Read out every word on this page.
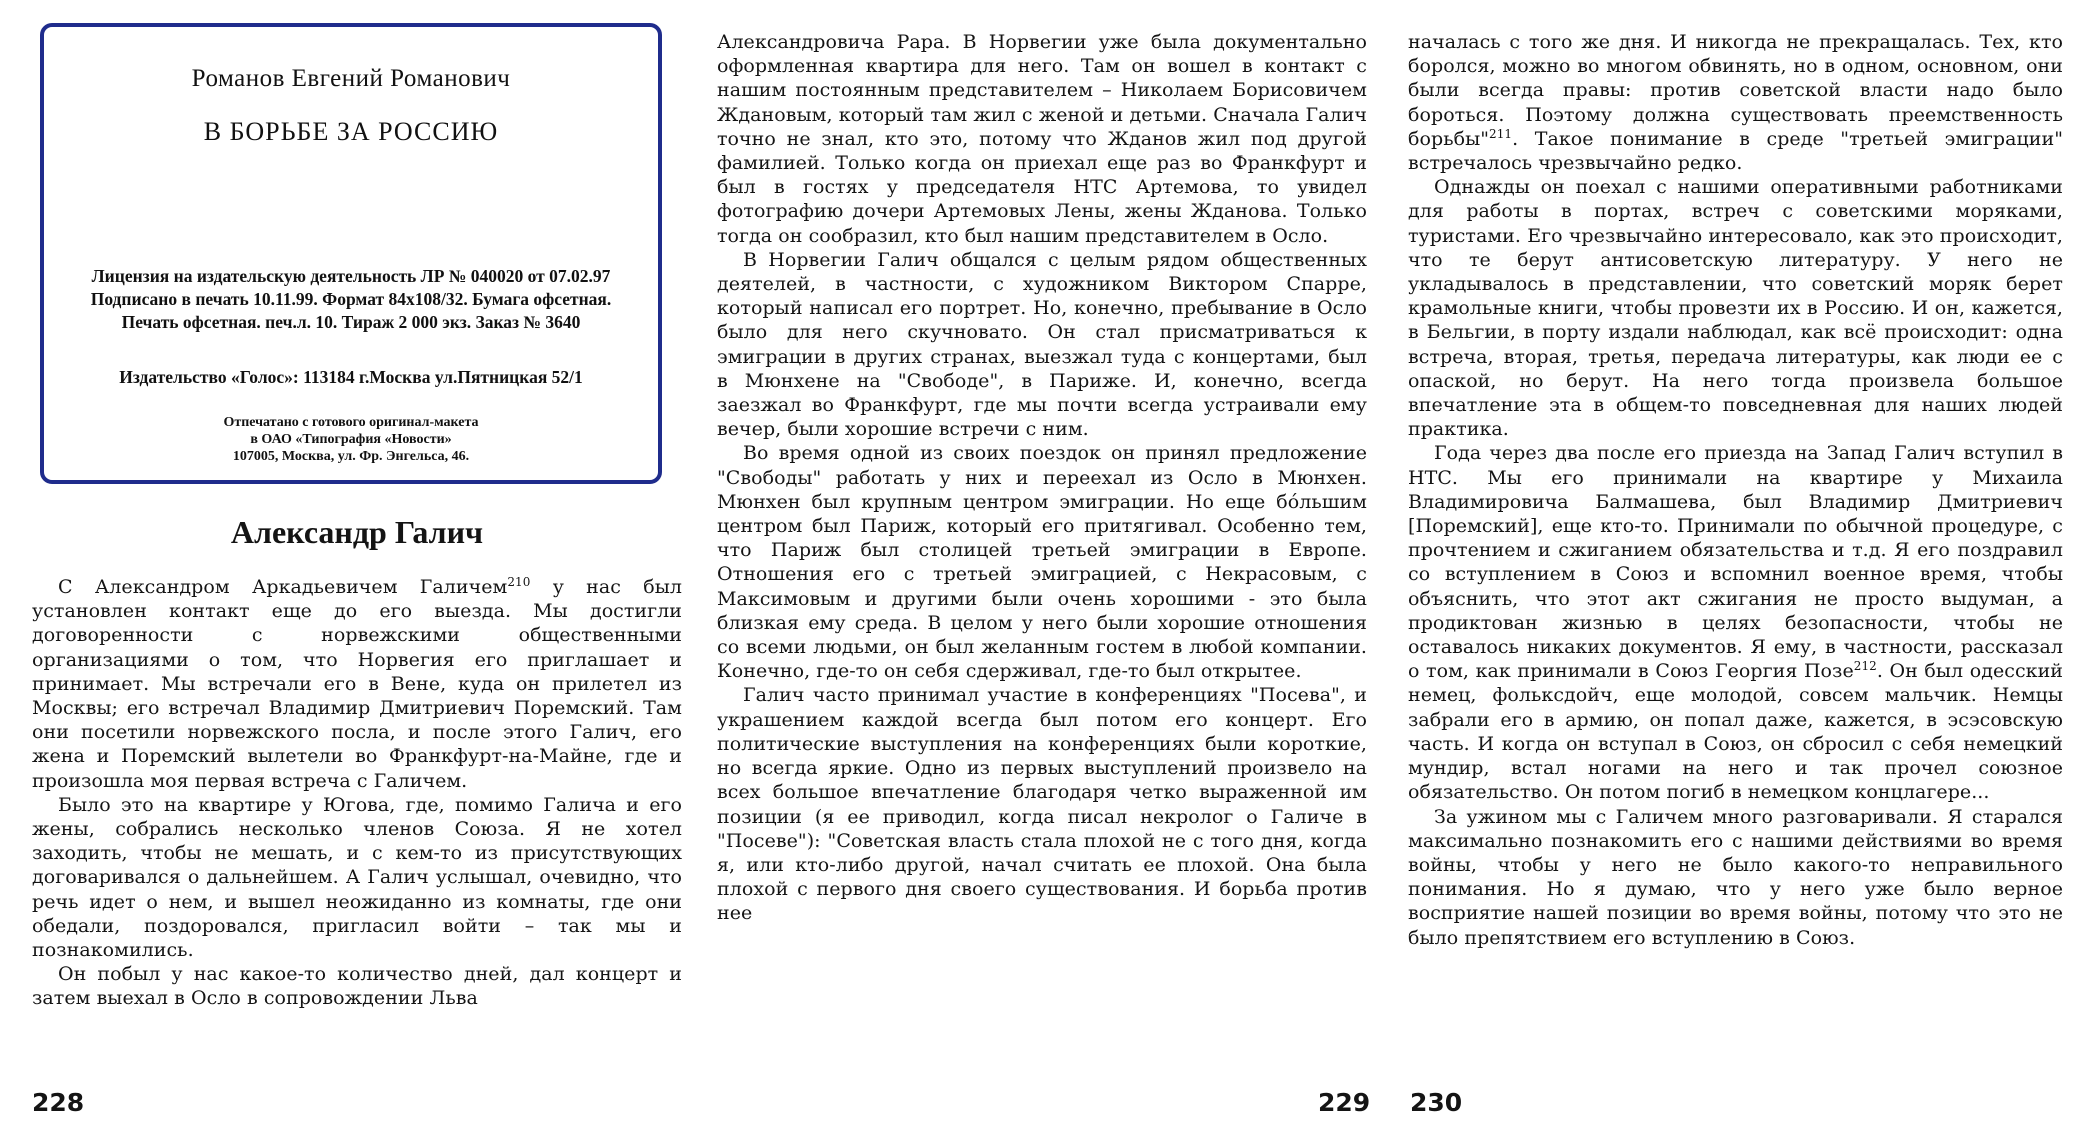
Романов Евгений Романович
В БОРЬБЕ ЗА РОССИЮ
Лицензия на издательскую деятельность ЛР № 040020 от 07.02.97
Подписано в печать 10.11.99. Формат 84x108/32. Бумага офсетная.
Печать офсетная. печ.л. 10. Тираж 2 000 экз. Заказ № 3640
Издательство «Голос»: 113184 г.Москва ул.Пятницкая 52/1
Отпечатано с готового оригинал-макета
в ОАО «Типография «Новости»
107005, Москва, ул. Фр. Энгельса, 46.
Александр Галич

С Александром Аркадьевичем Галичем$^{210}$ у нас был установлен контакт еще до его выезда. Мы достигли договоренности с норвежскими общественными организациями о том, что Норвегия его приглашает и принимает. Мы встречали его в Вене, куда он прилетел из Москвы; его встречал Владимир Дмитриевич Поремский. Там они посетили норвежского посла, и после этого Галич, его жена и Поремский вылетели во Франкфурт-на-Майне, где и произошла моя первая встреча с Галичем.

Было это на квартире у Югова, где, помимо Галича и его жены, собрались несколько членов Союза. Я не хотел заходить, чтобы не мешать, и с кем-то из присутствующих договаривался о дальнейшем. А Галич услышал, очевидно, что речь идет о нем, и вышел неожиданно из комнаты, где они обедали, поздоровался, пригласил войти – так мы и познакомились.

Он побыл у нас какое-то количество дней, дал концерт и затем выехал в Осло в сопровождении Льва

Александровича Рара. В Норвегии уже была документально оформленная квартира для него. Там он вошел в контакт с нашим постоянным представителем – Николаем Борисовичем Ждановым, который там жил с женой и детьми. Сначала Галич точно не знал, кто это, потому что Жданов жил под другой фамилией. Только когда он приехал еще раз во Франкфурт и был в гостях у председателя НТС Артемова, то увидел фотографию дочери Артемовых Лены, жены Жданова. Только тогда он сообразил, кто был нашим представителем в Осло.

В Норвегии Галич общался с целым рядом общественных деятелей, в частности, с художником Виктором Спарре, который написал его портрет. Но, конечно, пребывание в Осло было для него скучноватo. Он стал присматриваться к эмиграции в других странах, выезжал туда с концертами, был в Мюнхене на "Свободе", в Париже. И, конечно, всегда заезжал во Франкфурт, где мы почти всегда устраивали ему вечер, были хорошие встречи с ним.

Во время одной из своих поездок он принял предложение "Свободы" работать у них и переехал из Осло в Мюнхен. Мюнхен был крупным центром эмиграции. Но еще бóльшим центром был Париж, который его притягивал. Особенно тем, что Париж был столицей третьей эмиграции в Европе. Отношения его с третьей эмиграцией, с Некрасовым, с Максимовым и другими были очень хорошими - это была близкая ему среда. В целом у него были хорошие отношения со всеми людьми, он был желанным гостем в любой компании. Конечно, где-то он себя сдерживал, где-то был открытее.

Галич часто принимал участие в конференциях "Посева", и украшением каждой всегда был потом его концерт. Его политические выступления на конференциях были короткие, но всегда яркие. Одно из первых выступлений произвело на всех большое впечатление благодаря четко выраженной им позиции (я ее приводил, когда писал некролог о Галиче в "Посеве"): "Советская власть стала плохой не с того дня, когда я, или кто-либо другой, начал считать ее плохой. Она была плохой с первого дня своего существования. И борьба против нее

началась с того же дня. И никогда не прекращалась. Тех, кто боролся, можно во многом обвинять, но в одном, основном, они были всегда правы: против советской власти надо было бороться. Поэтому должна существовать преемственность борьбы"$^{211}$. Такое понимание в среде "третьей эмиграции" встречалось чрезвычайно редко.

Однажды он поехал с нашими оперативными работниками для работы в портах, встреч с советскими моряками, туристами. Его чрезвычайно интересовало, как это происходит, что те берут антисоветскую литературу. У него не укладывалось в представлении, что советский моряк берет крамольные книги, чтобы провезти их в Россию. И он, кажется, в Бельгии, в порту издали наблюдал, как всё происходит: одна встреча, вторая, третья, передача литературы, как люди ее с опаской, но берут. На него тогда произвела большое впечатление эта в общем-то повседневная для наших людей практика.

Года через два после его приезда на Запад Галич вступил в НТС. Мы его принимали на квартире у Михаила Владимировича Балмашева, был Владимир Дмитриевич [Поремский], еще кто-то. Принимали по обычной процедуре, с прочтением и сжиганием обязательства и т.д. Я его поздравил со вступлением в Союз и вспомнил военное время, чтобы объяснить, что этот акт сжигания не просто выдуман, а продиктован жизнью в целях безопасности, чтобы не оставалось никаких документов. Я ему, в частности, рассказал о том, как принимали в Союз Георгия Позе$^{212}$. Он был одесский немец, фольксдойч, еще молодой, совсем мальчик. Немцы забрали его в армию, он попал даже, кажется, в эсэсовскую часть. И когда он вступал в Союз, он сбросил с себя немецкий мундир, встал ногами на него и так прочел союзное обязательство. Он потом погиб в немецком концлагере...

За ужином мы с Галичем много разговаривали. Я старался максимально познакомить его с нашими действиями во время войны, чтобы у него не было какого-то неправильного понимания. Но я думаю, что у него уже было верное восприятие нашей позиции во время войны, потому что это не было препятствием его вступлению в Союз.

228	229 230
